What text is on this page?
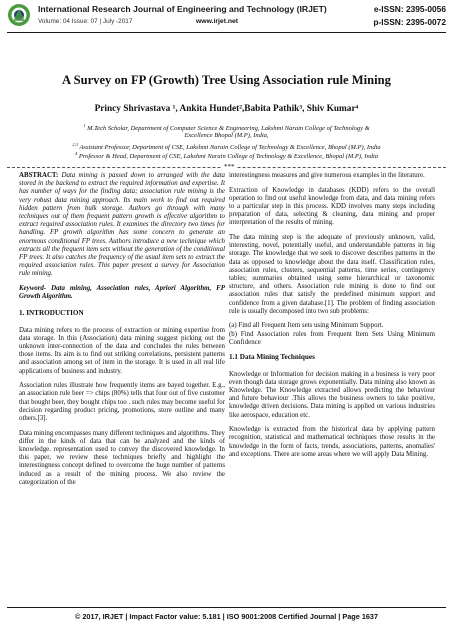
International Research Journal of Engineering and Technology (IRJET)	e-ISSN: 2395-0056
Volume: 04 Issue: 07 | July -2017	www.irjet.net	p-ISSN: 2395-0072
A Survey on FP (Growth) Tree Using Association rule Mining
Princy Shrivastava ¹, Ankita Hundet²,Babita Pathik³, Shiv Kumar⁴
$^1$ M.Tech Scholar, Department of Computer Science & Engineering, Lakshmi Narain College of Technology &
Excellence Bhopal (M.P), India,
$^{2,3}$ Assistant Professor, Department of CSE, Lakshmi Narain College of Technology & Excellence, Bhopal (M.P), India
$^4$ Professor & Head, Department of CSE, Lakshmi Narain College of Technology & Excellence, Bhopal (M.P), India
***

ABSTRACT: Data mining is passed down to arranged with the data stored in the backend to extract the required information and expertise. It has number of ways for the finding data; association rule mining is the very robust data mining approach. Its main work to find out required hidden pattern from bulk storage. Authors go through with many techniques out of them frequent pattern growth is effective algorithm to extract required association rules. It examines the directory two times for handling. FP growth algorithm has some concern to generate an enormous conditional FP trees. Authors introduce a new technique which extracts all the frequent item sets without the generation of the conditional FP trees. It also catches the frequency of the usual item sets to extract the required association rules. This paper present a survey for Association rule mining.

Keyword- Data mining, Association rules, Apriori Algorithm, FP Growth Algorithm.

1. INTRODUCTION

Data mining refers to the process of extraction or mining expertise from data storage. In this (Association) data mining suggest picking out the unknown inter-connection of the data and concludes the rules between those items. Its aim is to find out striking correlations, persistent patterns and association among set of item in the storage. It is used in all real life applications of business and industry.

Association rules illustrate how frequently items are bayed together. E.g., an association rule beer => chips (80%) tells that four out of five customer that bought beer, they bought chips too . such rules may become useful for decision regarding product pricing, promotions, store outline and many others.[3].

Data mining encompasses many different techniques and algorithms. They differ in the kinds of data that can be analyzed and the kinds of knowledge. representation used to convey the discovered knowledge. In this paper, we review these techniques briefly and highlight the interestingness concept defined to overcome the huge number of patterns induced as a result of the mining process. We also review the categorization of the

interestingness measures and give numerous examples in the literature.

Extraction of Knowledge in databases (KDD) refers to the overall operation to find out useful knowledge from data, and data mining refers to a particular step in this process. KDD involves many steps including preparation of data, selecting & cleaning, data mining and proper interpretation of the results of mining.

The data mining step is the adequate of previously unknown, valid, interesting, novel, potentially useful, and understandable patterns in big storage. The knowledge that we seek to discover describes patterns in the data as opposed to knowledge about the data itself. Classification rules, association rules, clusters, sequential patterns, time series, contingency tables; summaries obtained using some hierarchical or taxonomic structure, and others. Association rule mining is done to find out association rules that satisfy the predefined minimum support and confidence from a given database.[1]. The problem of finding association rule is usually decomposed into two sub problems:

(a) Find all Frequent Item sets using Minimum Support.

(b) Find Association rules from Frequent Item Sets Using Minimum Confidence

1.1 Data Mining Techniques

Knowledge or Information for decision making in a business is very poor even though data storage grows exponentially. Data mining also known as Knowledge. The Knowledge extracted allows predicting the behaviour and future behaviour .This allows the business owners to take positive, knowledge driven decisions. Data mining is applied on various industries like aerospace, education etc.

Knowledge is extracted from the historical data by applying pattern recognition, statistical and mathematical techniques those results in the knowledge in the form of facts, trends, associations, patterns, anomalies' and exceptions. There are some areas where we will apply Data Mining.

© 2017, IRJET | Impact Factor value: 5.181 | ISO 9001:2008 Certified Journal | Page 1637
